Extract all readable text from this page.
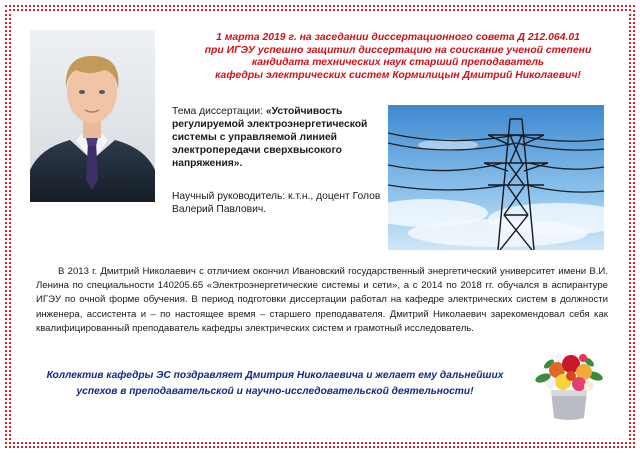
1 марта 2019 г. на заседании диссертационного совета Д 212.064.01
при ИГЭУ успешно защитил диссертацию на соискание ученой степени
кандидата технических наук старший преподаватель
кафедры электрических систем Кормилицын Дмитрий Николаевич!
Тема диссертации: «Устойчивость регулируемой электроэнергетической системы с управляемой линией электропередачи сверхвысокого напряжения».
Научный руководитель: к.т.н., доцент Голов Валерий Павлович.
В 2013 г. Дмитрий Николаевич с отличием окончил Ивановский государственный энергетический университет имени В.И. Ленина по специальности 140205.65 «Электроэнергетические системы и сети», а с 2014 по 2018 гг. обучался в аспирантуре ИГЭУ по очной форме обучения. В период подготовки диссертации работал на кафедре электрических систем в должности инженера, ассистента и – по настоящее время – старшего преподавателя. Дмитрий Николаевич зарекомендовал себя как квалифицированный преподаватель кафедры электрических систем и грамотный исследователь.
Коллектив кафедры ЭС поздравляет Дмитрия Николаевича и желает ему дальнейших
успехов в преподавательской и научно-исследовательской деятельности!
